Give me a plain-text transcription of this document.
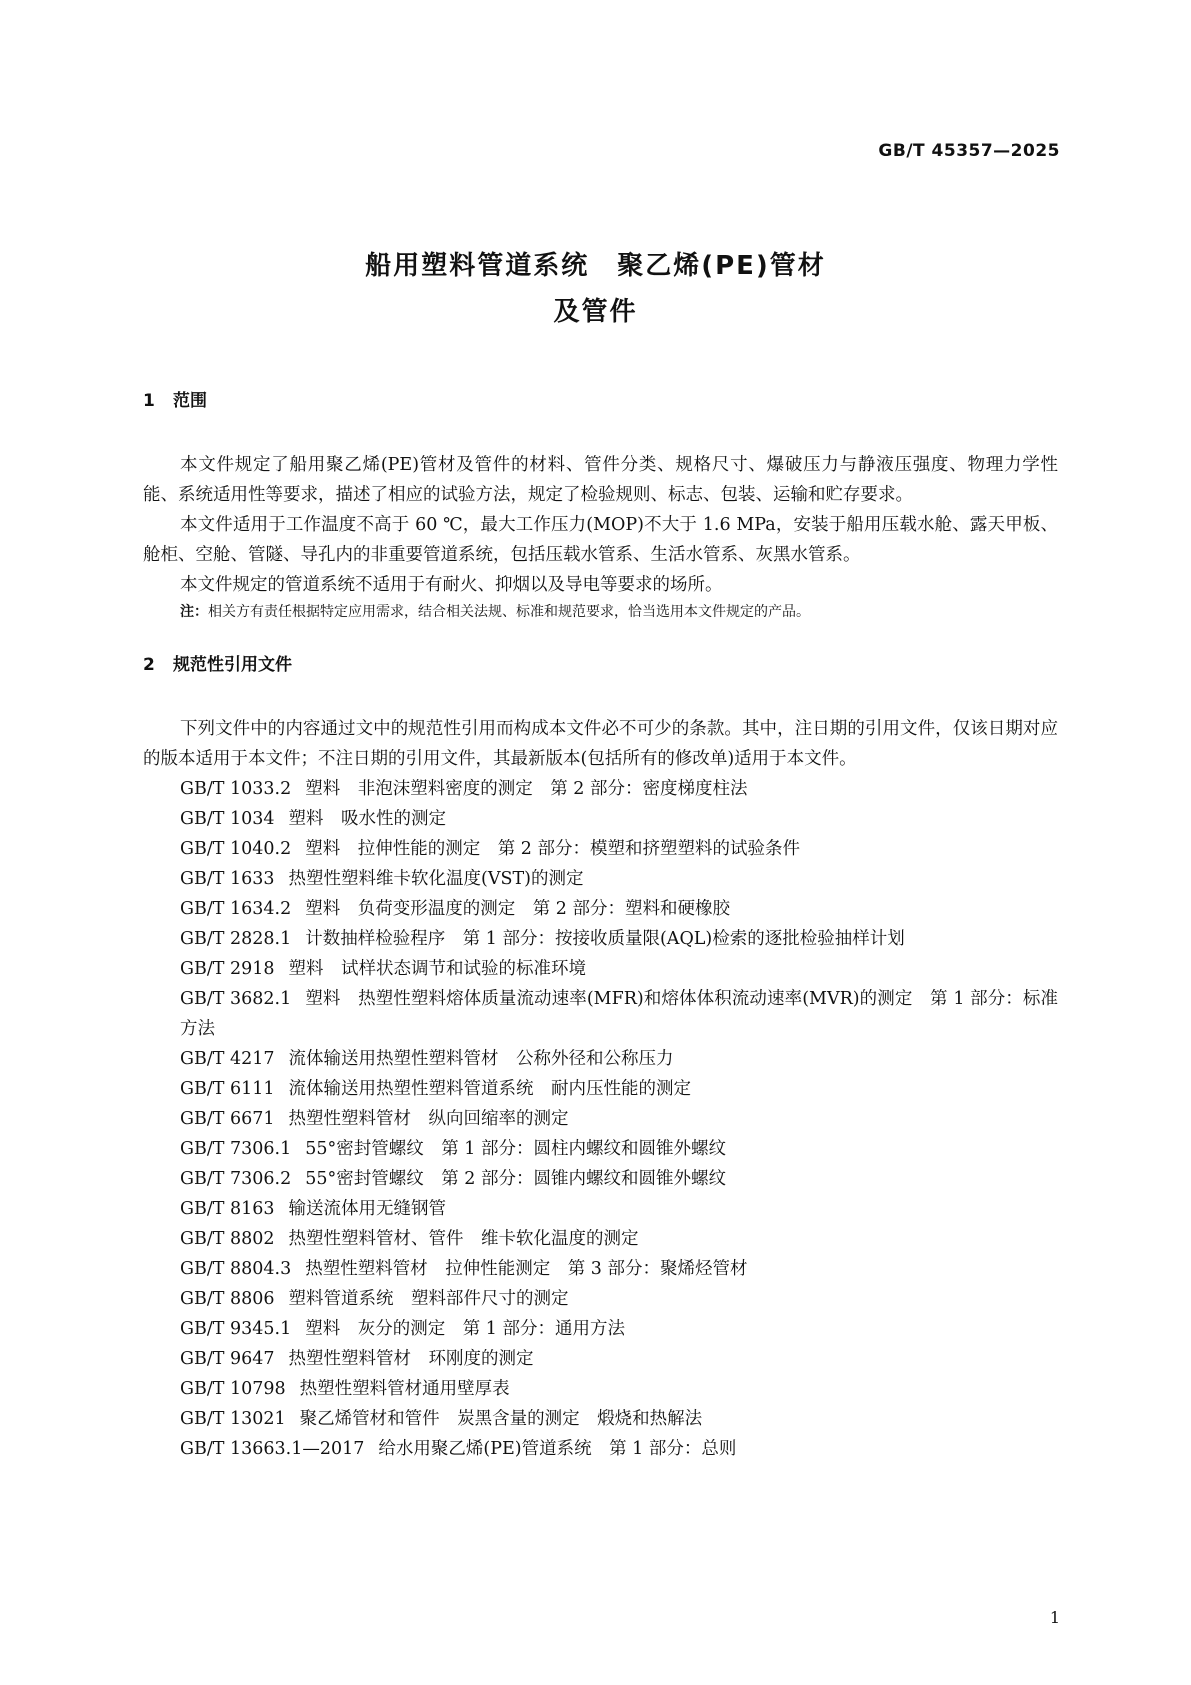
GB/T 45357—2025
船用塑料管道系统　聚乙烯(PE)管材
及管件
1 范围

本文件规定了船用聚乙烯(PE)管材及管件的材料、管件分类、规格尺寸、爆破压力与静液压强度、物理力学性能、系统适用性等要求，描述了相应的试验方法，规定了检验规则、标志、包装、运输和贮存要求。

本文件适用于工作温度不高于 60 ℃，最大工作压力(MOP)不大于 1.6 MPa，安装于船用压载水舱、露天甲板、舱柜、空舱、管隧、导孔内的非重要管道系统，包括压载水管系、生活水管系、灰黑水管系。

本文件规定的管道系统不适用于有耐火、抑烟以及导电等要求的场所。

注：相关方有责任根据特定应用需求，结合相关法规、标准和规范要求，恰当选用本文件规定的产品。

2 规范性引用文件

下列文件中的内容通过文中的规范性引用而构成本文件必不可少的条款。其中，注日期的引用文件，仅该日期对应的版本适用于本文件；不注日期的引用文件，其最新版本(包括所有的修改单)适用于本文件。

GB/T 1033.2 塑料　非泡沫塑料密度的测定　第 2 部分：密度梯度柱法

GB/T 1034 塑料　吸水性的测定

GB/T 1040.2 塑料　拉伸性能的测定　第 2 部分：模塑和挤塑塑料的试验条件

GB/T 1633 热塑性塑料维卡软化温度(VST)的测定

GB/T 1634.2 塑料　负荷变形温度的测定　第 2 部分：塑料和硬橡胶

GB/T 2828.1 计数抽样检验程序　第 1 部分：按接收质量限(AQL)检索的逐批检验抽样计划

GB/T 2918 塑料　试样状态调节和试验的标准环境

GB/T 3682.1 塑料　热塑性塑料熔体质量流动速率(MFR)和熔体体积流动速率(MVR)的测定　第 1 部分：标准方法

GB/T 4217 流体输送用热塑性塑料管材　公称外径和公称压力

GB/T 6111 流体输送用热塑性塑料管道系统　耐内压性能的测定

GB/T 6671 热塑性塑料管材　纵向回缩率的测定

GB/T 7306.1 55°密封管螺纹　第 1 部分：圆柱内螺纹和圆锥外螺纹

GB/T 7306.2 55°密封管螺纹　第 2 部分：圆锥内螺纹和圆锥外螺纹

GB/T 8163 输送流体用无缝钢管

GB/T 8802 热塑性塑料管材、管件　维卡软化温度的测定

GB/T 8804.3 热塑性塑料管材　拉伸性能测定　第 3 部分：聚烯烃管材

GB/T 8806 塑料管道系统　塑料部件尺寸的测定

GB/T 9345.1 塑料　灰分的测定　第 1 部分：通用方法

GB/T 9647 热塑性塑料管材　环刚度的测定

GB/T 10798 热塑性塑料管材通用壁厚表

GB/T 13021 聚乙烯管材和管件　炭黑含量的测定　煅烧和热解法

GB/T 13663.1—2017 给水用聚乙烯(PE)管道系统　第 1 部分：总则

1
